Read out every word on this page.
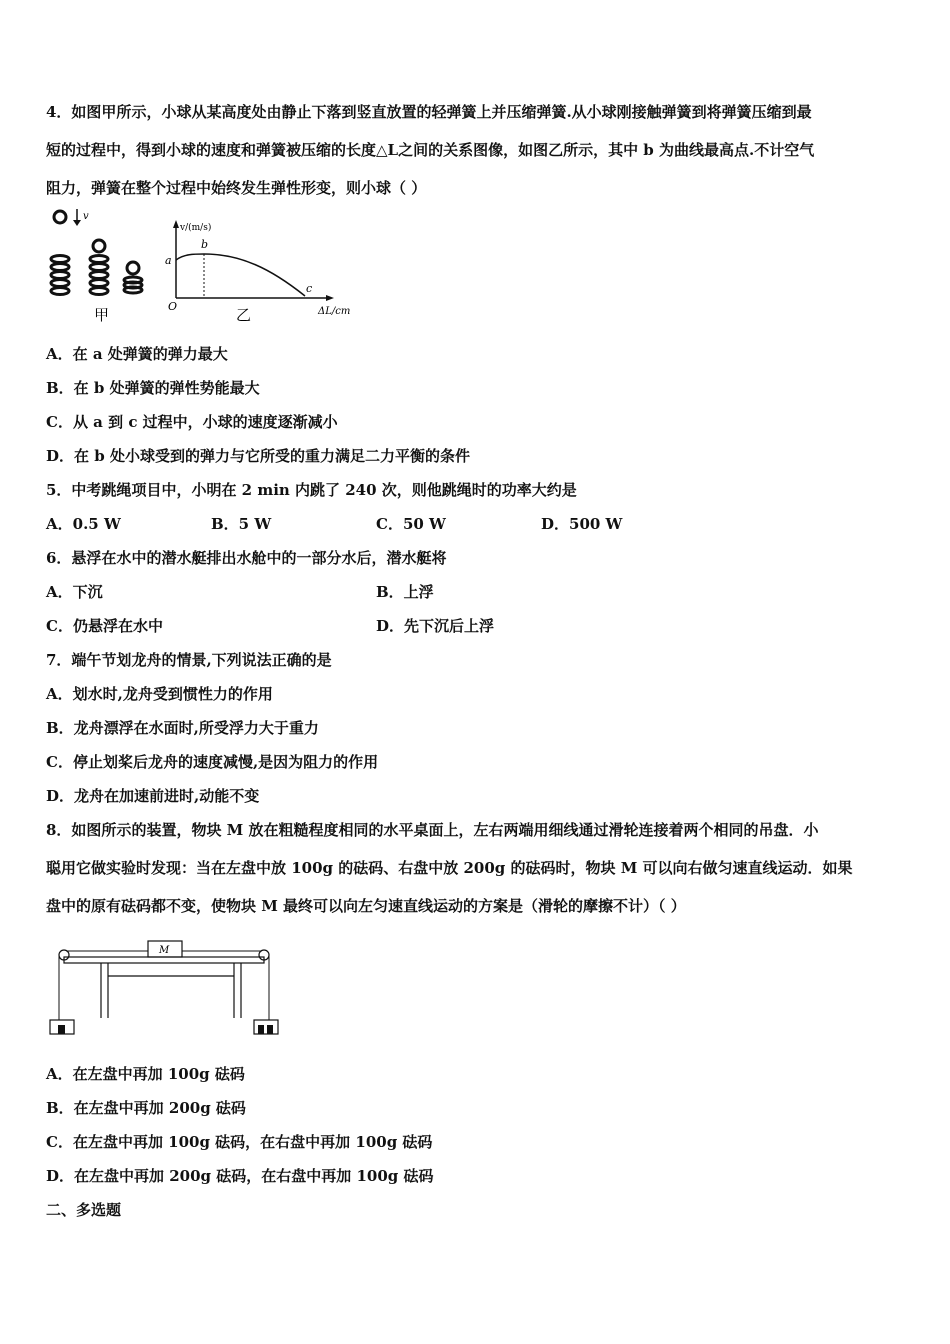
4．如图甲所示，小球从某高度处由静止下落到竖直放置的轻弹簧上并压缩弹簧.从小球刚接触弹簧到将弹簧压缩到最
短的过程中，得到小球的速度和弹簧被压缩的长度△L之间的关系图像，如图乙所示，其中 b 为曲线最高点.不计空气
阻力，弹簧在整个过程中始终发生弹性形变，则小球（ ）
v
甲
v/(m/s)
ΔL/cm
O
a
b
c
乙
A．在 a 处弹簧的弹力最大
B．在 b 处弹簧的弹性势能最大
C．从 a 到 c 过程中，小球的速度逐渐减小
D．在 b 处小球受到的弹力与它所受的重力满足二力平衡的条件
5．中考跳绳项目中，小明在 2 min 内跳了 240 次，则他跳绳时的功率大约是
A．0.5 W	B．5 W	C．50 W	D．500 W
6．悬浮在水中的潜水艇排出水舱中的一部分水后，潜水艇将
A．下沉	B．上浮
C．仍悬浮在水中	D．先下沉后上浮
7．端午节划龙舟的情景,下列说法正确的是
A．划水时,龙舟受到惯性力的作用
B．龙舟漂浮在水面时,所受浮力大于重力
C．停止划桨后龙舟的速度减慢,是因为阻力的作用
D．龙舟在加速前进时,动能不变
8．如图所示的装置，物块 M 放在粗糙程度相同的水平桌面上，左右两端用细线通过滑轮连接着两个相同的吊盘．小
聪用它做实验时发现：当在左盘中放 100g 的砝码、右盘中放 200g 的砝码时，物块 M 可以向右做匀速直线运动．如果
盘中的原有砝码都不变，使物块 M 最终可以向左匀速直线运动的方案是（滑轮的摩擦不计）（ ）
M
A．在左盘中再加 100g 砝码
B．在左盘中再加 200g 砝码
C．在左盘中再加 100g 砝码，在右盘中再加 100g 砝码
D．在左盘中再加 200g 砝码，在右盘中再加 100g 砝码
二、多选题
